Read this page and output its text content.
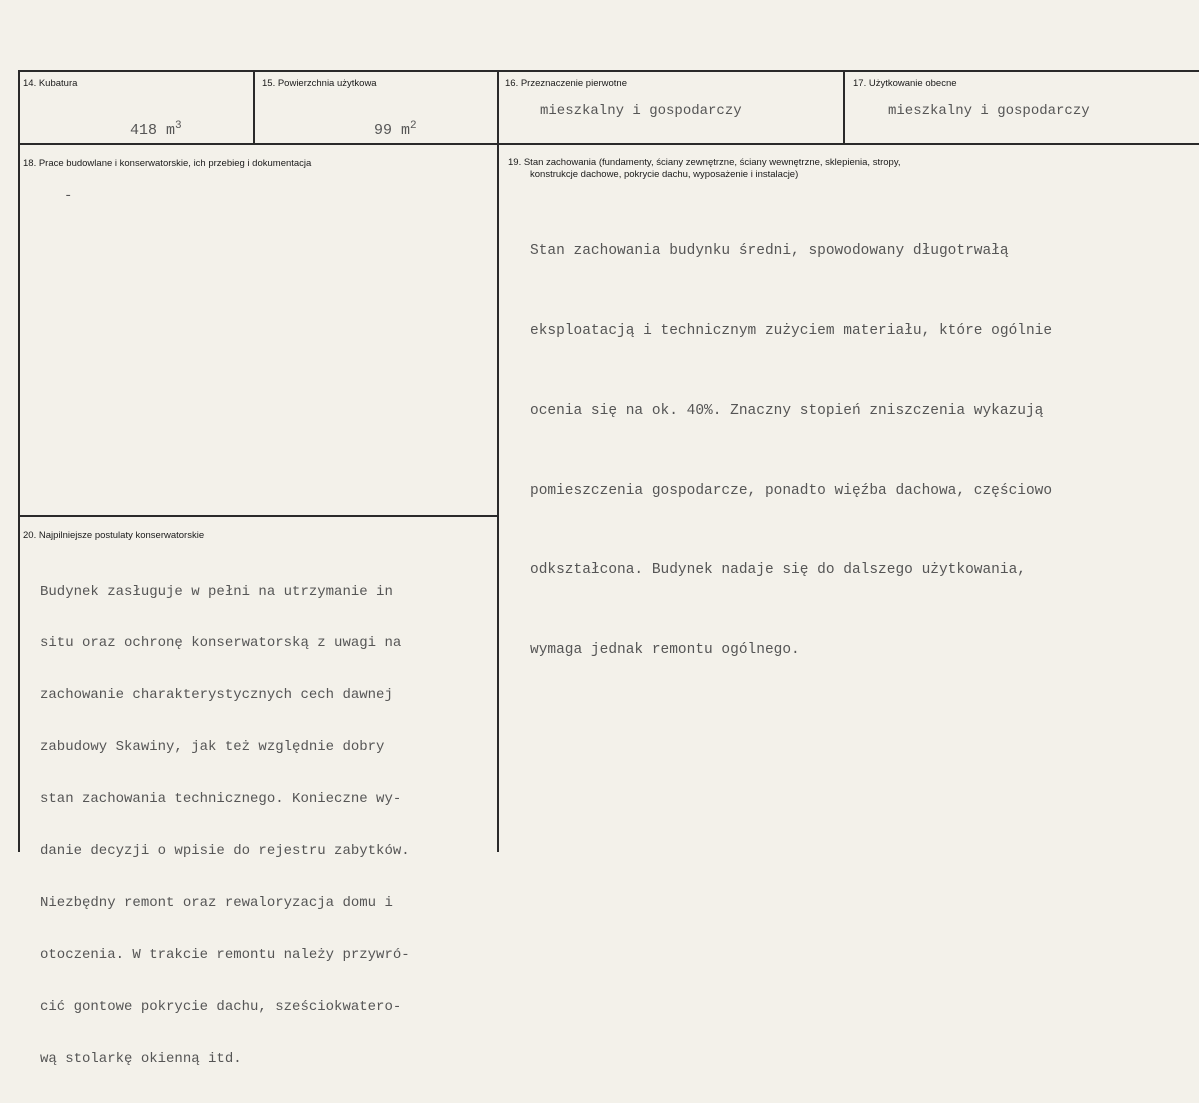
14. Kubatura

418 $m^3$

15. Powierzchnia użytkowa

99 $m^2$

16. Przeznaczenie pierwotne
mieszkalny i gospodarczy
17. Użytkowanie obecne
mieszkalny i gospodarczy
18. Prace budowlane i konserwatorskie, ich przebieg i dokumentacja
-
19. Stan zachowania (fundamenty, ściany zewnętrzne, ściany wewnętrzne, sklepienia, stropy,
konstrukcje dachowe, pokrycie dachu, wyposażenie i instalacje)

Stan zachowania budynku średni, spowodowany długotrwałą

eksploatacją i technicznym zużyciem materiału, które ogólnie

ocenia się na ok. 40%. Znaczny stopień zniszczenia wykazują

pomieszczenia gospodarcze, ponadto więźba dachowa, częściowo

odkształcona. Budynek nadaje się do dalszego użytkowania,

wymaga jednak remontu ogólnego.

20. Najpilniejsze postulaty konserwatorskie

Budynek zasługuje w pełni na utrzymanie in

situ oraz ochronę konserwatorską z uwagi na

zachowanie charakterystycznych cech dawnej

zabudowy Skawiny, jak też względnie dobry

stan zachowania technicznego. Konieczne wy-

danie decyzji o wpisie do rejestru zabytków.

Niezbędny remont oraz rewaloryzacja domu i

otoczenia. W trakcie remontu należy przywró-

cić gontowe pokrycie dachu, sześciokwatero-

wą stolarkę okienną itd.
